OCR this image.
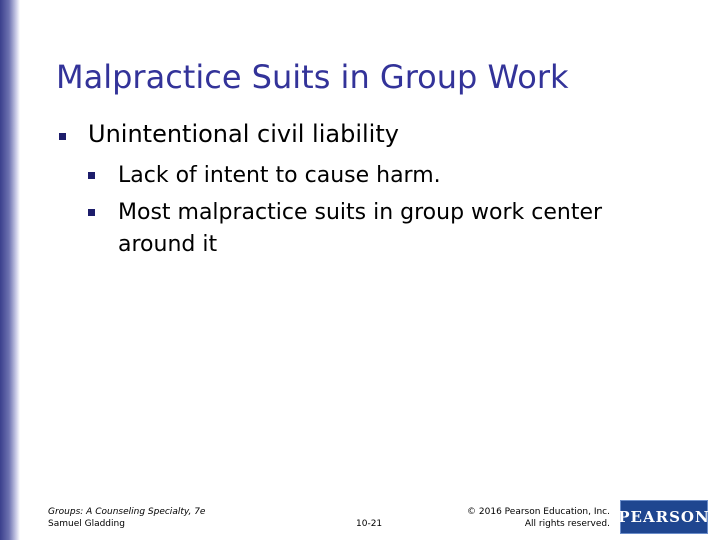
Malpractice Suits in Group Work
Unintentional civil liability
Lack of intent to cause harm.
Most malpractice suits in group work center around it
Groups: A Counseling Specialty, 7e
Samuel Gladding	10-21
© 2016 Pearson Education, Inc.
All rights reserved. PEARSON
